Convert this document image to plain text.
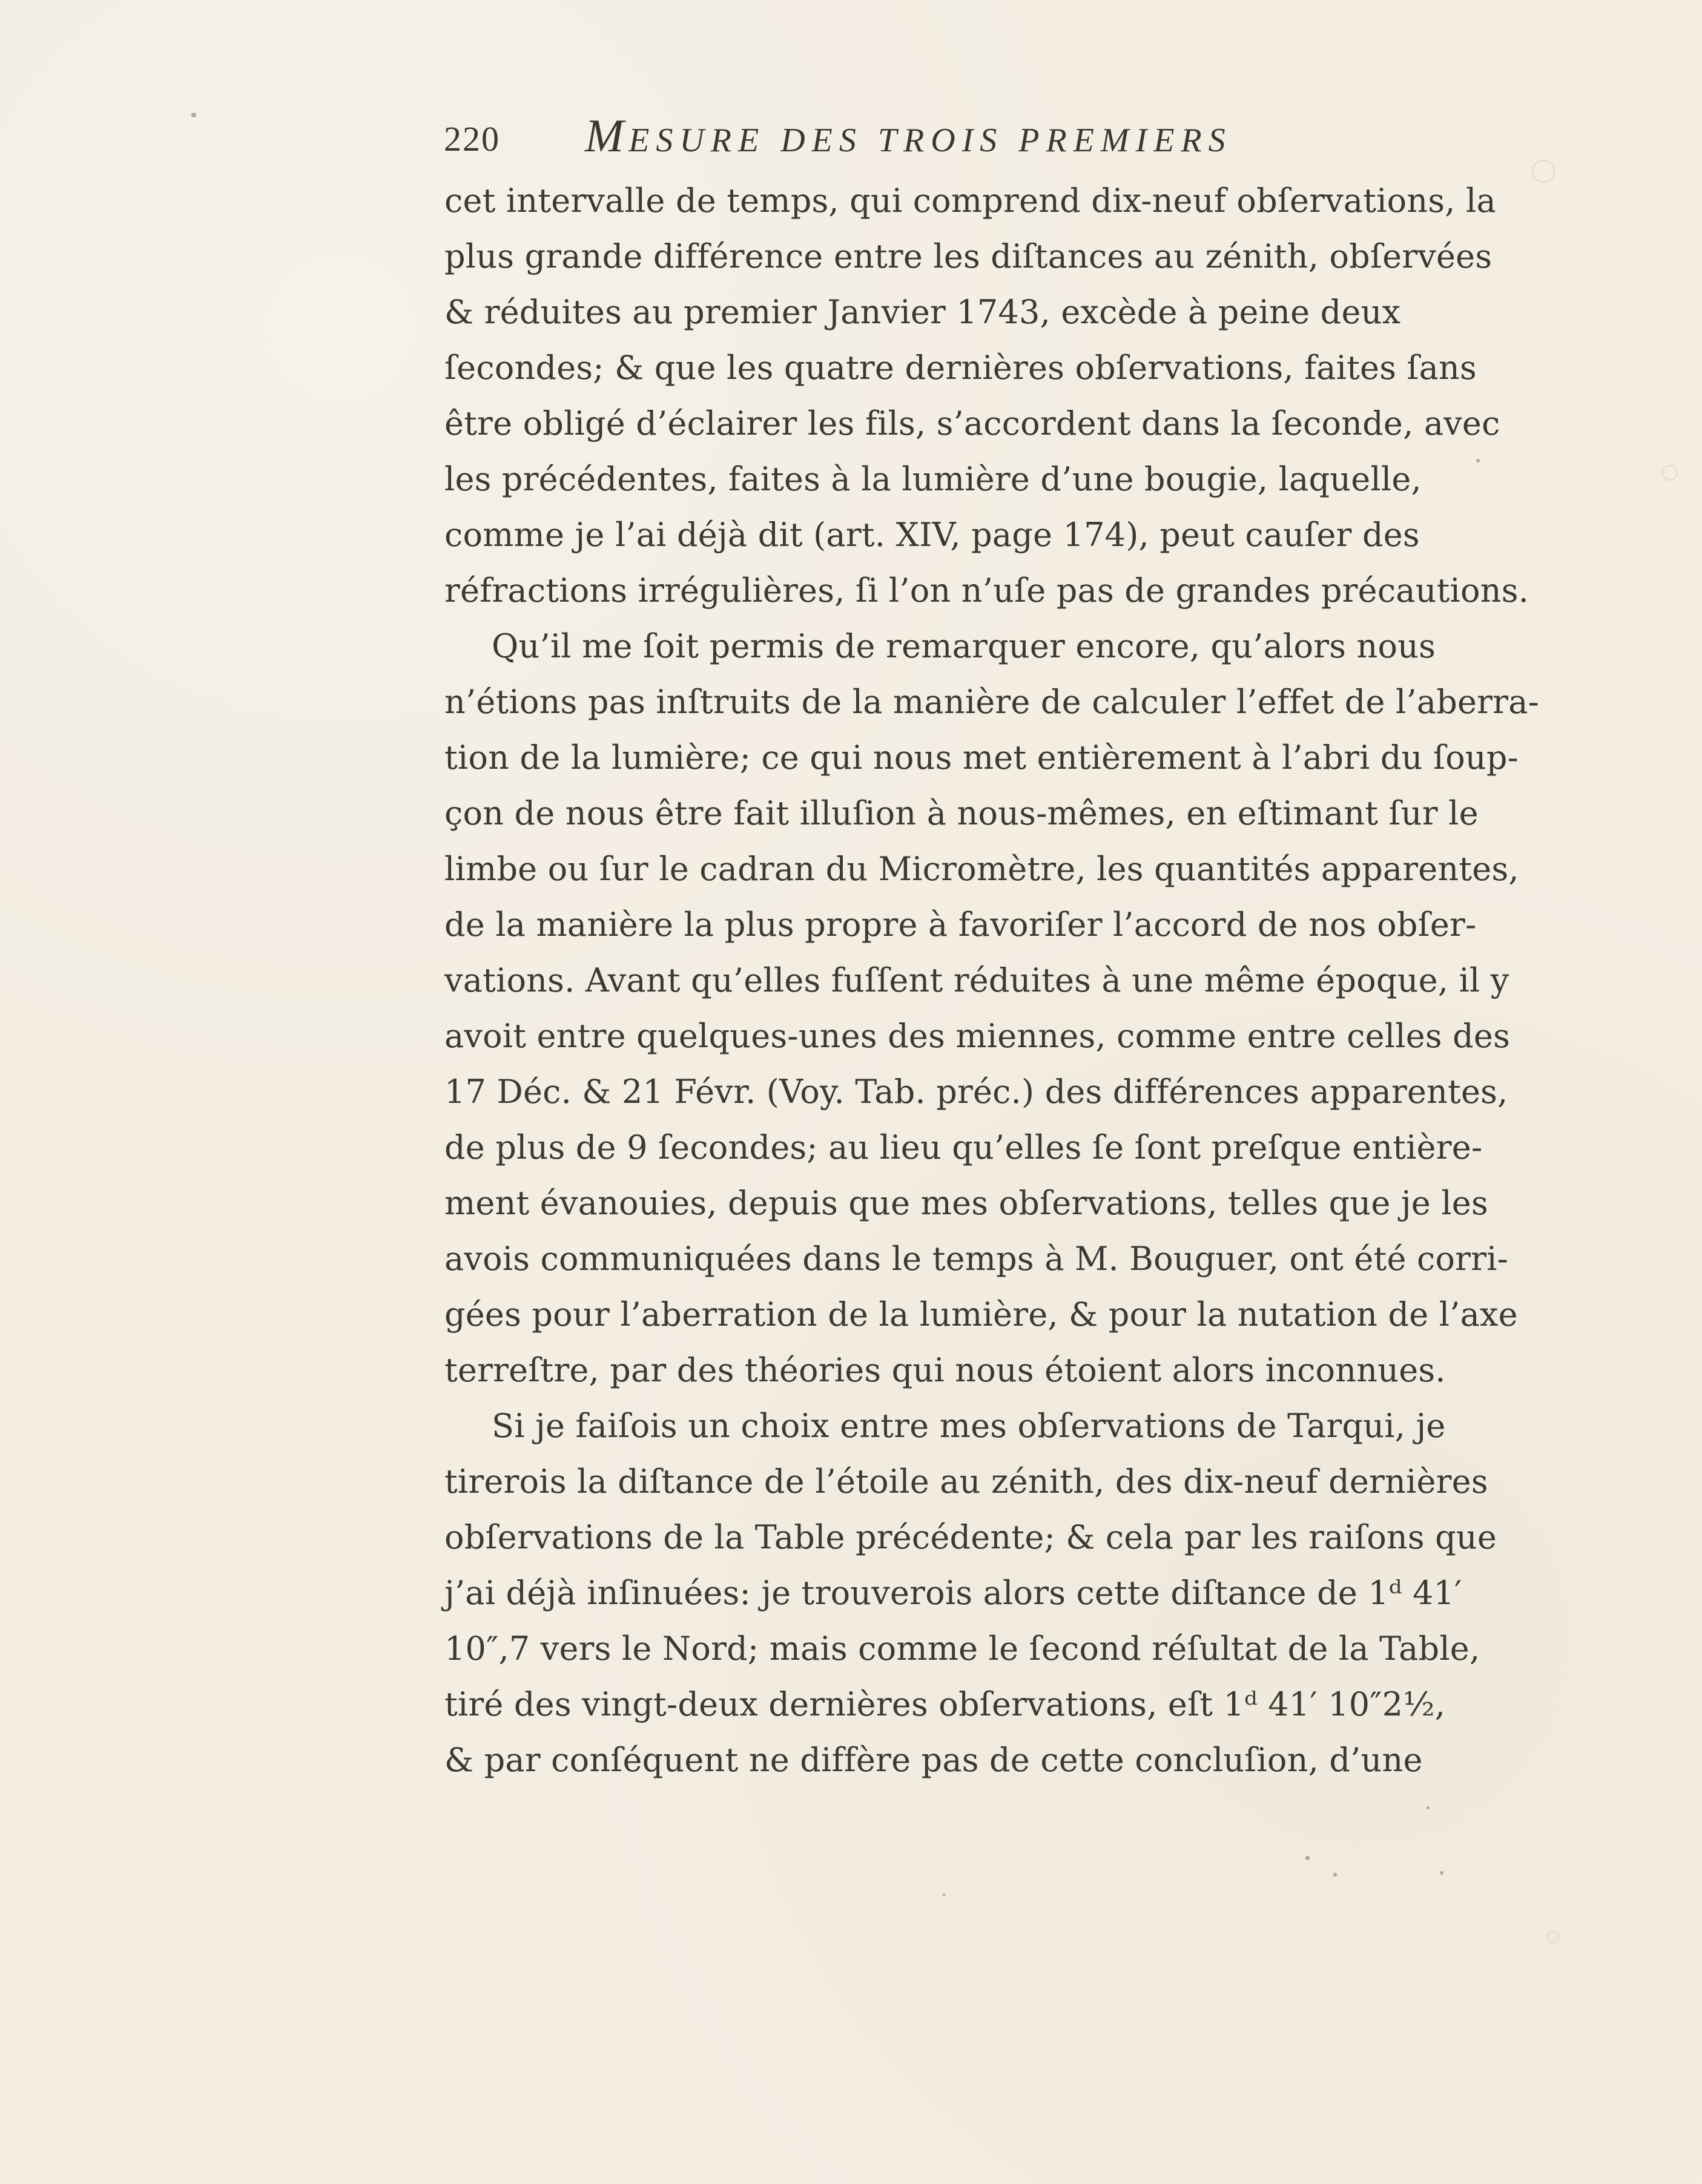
220 MESURE DES TROIS PREMIERS
cet intervalle de temps, qui comprend dix-neuf obſervations, la
plus grande différence entre les diſtances au zénith, obſervées
& réduites au premier Janvier 1743, excède à peine deux
ſecondes; & que les quatre dernières obſervations, faites ſans
être obligé d’éclairer les fils, s’accordent dans la ſeconde, avec
les précédentes, faites à la lumière d’une bougie, laquelle,
comme je l’ai déjà dit (art. XIV, page 174), peut cauſer des
réfractions irrégulières, ſi l’on n’uſe pas de grandes précautions.
Qu’il me ſoit permis de remarquer encore, qu’alors nous
n’étions pas inſtruits de la manière de calculer l’effet de l’aberra-
tion de la lumière; ce qui nous met entièrement à l’abri du ſoup-
çon de nous être fait illuſion à nous-mêmes, en eſtimant ſur le
limbe ou ſur le cadran du Micromètre, les quantités apparentes,
de la manière la plus propre à favoriſer l’accord de nos obſer-
vations. Avant qu’elles fuſſent réduites à une même époque, il y
avoit entre quelques-unes des miennes, comme entre celles des
17 Déc. & 21 Févr. (Voy. Tab. préc.) des différences apparentes,
de plus de 9 ſecondes; au lieu qu’elles ſe ſont preſque entière-
ment évanouies, depuis que mes obſervations, telles que je les
avois communiquées dans le temps à M. Bouguer, ont été corri-
gées pour l’aberration de la lumière, & pour la nutation de l’axe
terreſtre, par des théories qui nous étoient alors inconnues.
Si je faiſois un choix entre mes obſervations de Tarqui, je
tirerois la diſtance de l’étoile au zénith, des dix-neuf dernières
obſervations de la Table précédente; & cela par les raiſons que
j’ai déjà inſinuées: je trouverois alors cette diſtance de 1ᵈ 41′
10″,7 vers le Nord; mais comme le ſecond réſultat de la Table,
tiré des vingt-deux dernières obſervations, eſt 1ᵈ 41′ 10″2½,
& par conſéquent ne diffère pas de cette concluſion, d’une
